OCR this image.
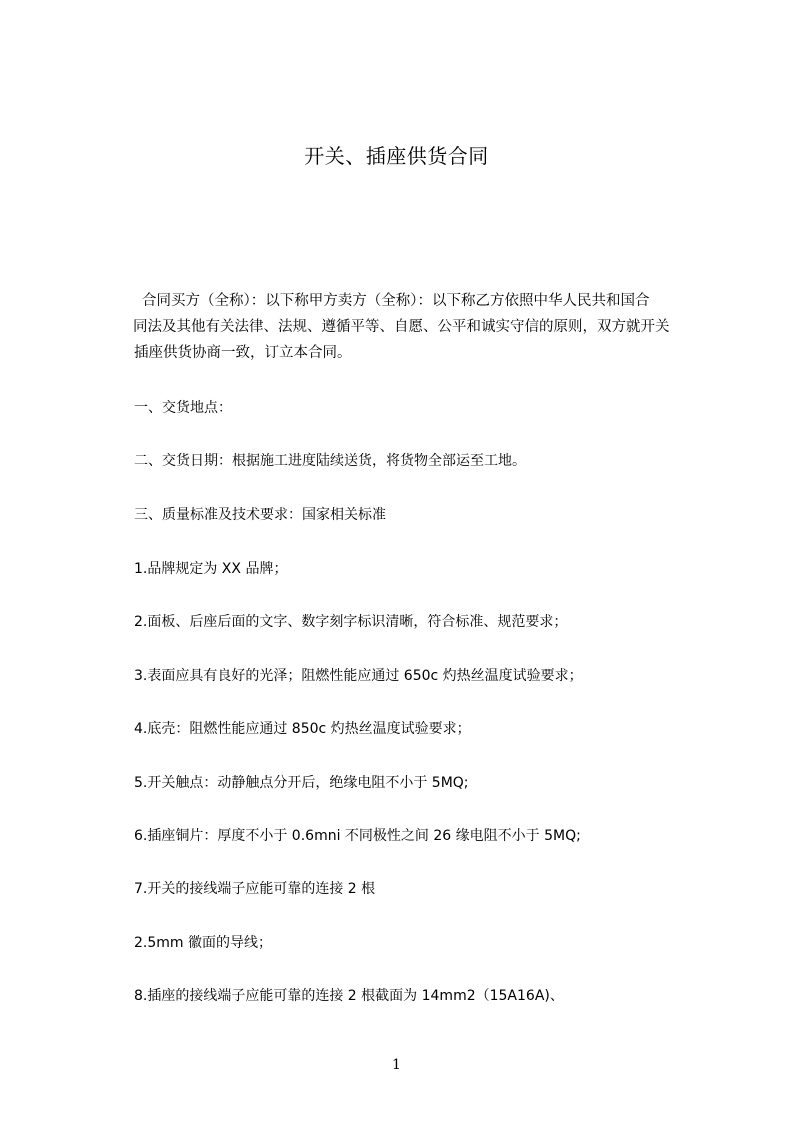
开关、插座供货合同
合同买方（全称）：以下称甲方卖方（全称）：以下称乙方依照中华人民共和国合
同法及其他有关法律、法规、遵循平等、自愿、公平和诚实守信的原则，双方就开关
插座供货协商一致，订立本合同。
一、交货地点：
二、交货日期：根据施工进度陆续送货，将货物全部运至工地。
三、质量标准及技术要求：国家相关标准
1.品牌规定为 XX 品牌；
2.面板、后座后面的文字、数字刻字标识清晰，符合标准、规范要求；
3.表面应具有良好的光泽；阻燃性能应通过 650c 灼热丝温度试验要求；
4.底壳：阻燃性能应通过 850c 灼热丝温度试验要求；
5.开关触点：动静触点分开后，绝缘电阻不小于 5MQ;
6.插座铜片：厚度不小于 0.6mni 不同极性之间 26 缘电阻不小于 5MQ;
7.开关的接线端子应能可靠的连接 2 根
2.5mm 徽面的导线；
8.插座的接线端子应能可靠的连接 2 根截面为 14mm2（15A16A)、
1
